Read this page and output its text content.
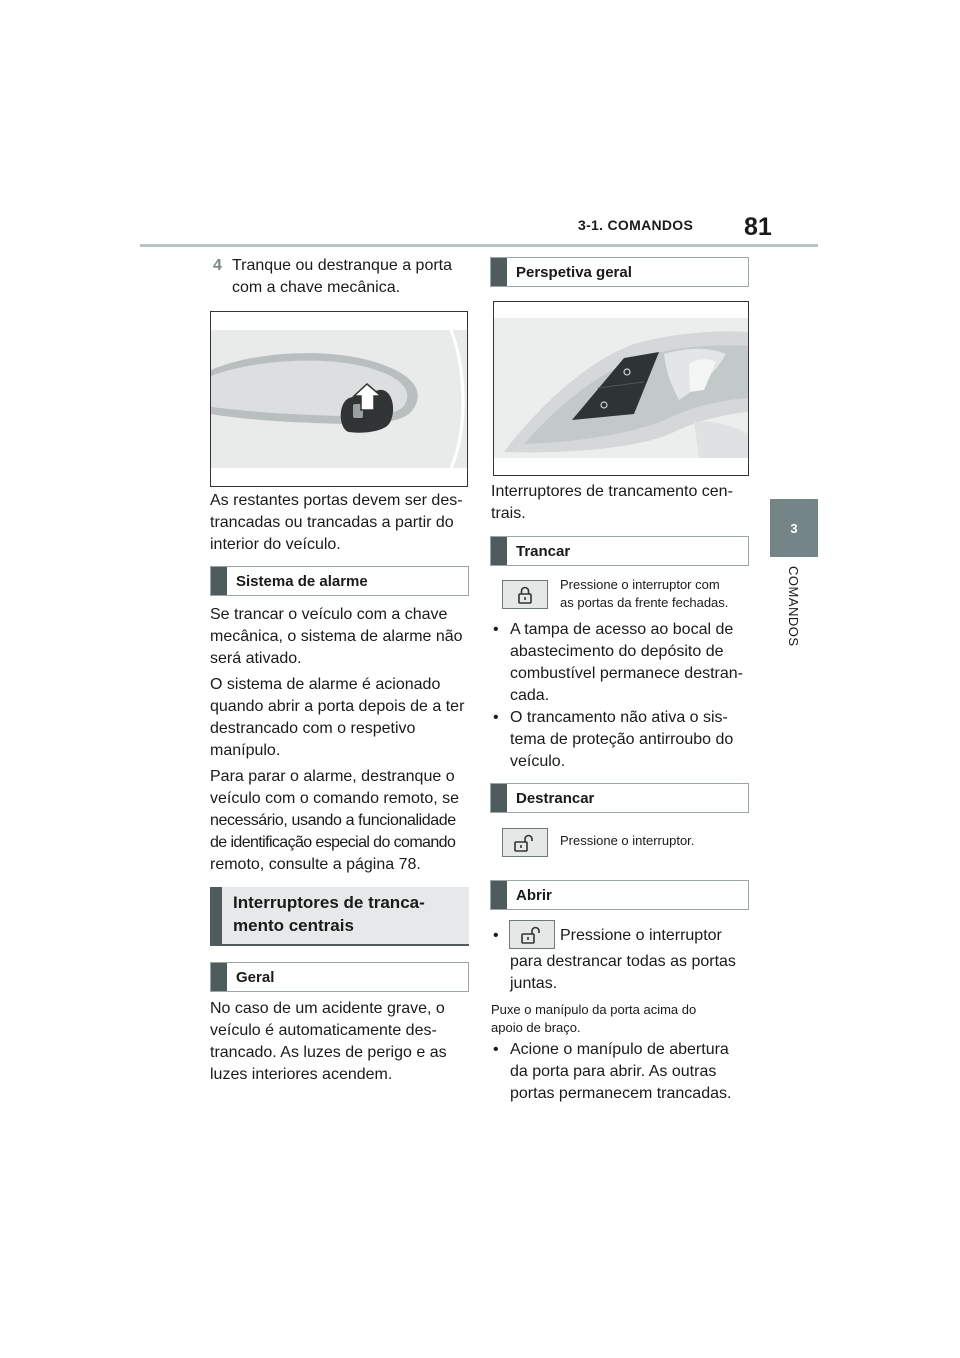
3-1. COMANDOS 81
3
COMANDOS
4 Tranque ou destranque a porta
com a chave mecânica.
As restantes portas devem ser des-
trancadas ou trancadas a partir do
interior do veículo.
Sistema de alarme
Se trancar o veículo com a chave
mecânica, o sistema de alarme não
será ativado.
O sistema de alarme é acionado
quando abrir a porta depois de a ter
destrancado com o respetivo
manípulo.
Para parar o alarme, destranque o
veículo com o comando remoto, se
necessário, usando a funcionalidade
de identificação especial do comando
remoto, consulte a página 78.
Interruptores de tranca-
mento centrais
Geral
No caso de um acidente grave, o
veículo é automaticamente des-
trancado. As luzes de perigo e as
luzes interiores acendem.
Perspetiva geral
Interruptores de trancamento cen-
trais.
Trancar
Pressione o interruptor com
as portas da frente fechadas.
• A tampa de acesso ao bocal de
abastecimento do depósito de
combustível permanece destran-
cada.
• O trancamento não ativa o sis-
tema de proteção antirroubo do
veículo.
Destrancar
Pressione o interruptor.
Abrir
•	Pressione o interruptor
para destrancar todas as portas
juntas.
Puxe o manípulo da porta acima do
apoio de braço.
• Acione o manípulo de abertura
da porta para abrir. As outras
portas permanecem trancadas.
